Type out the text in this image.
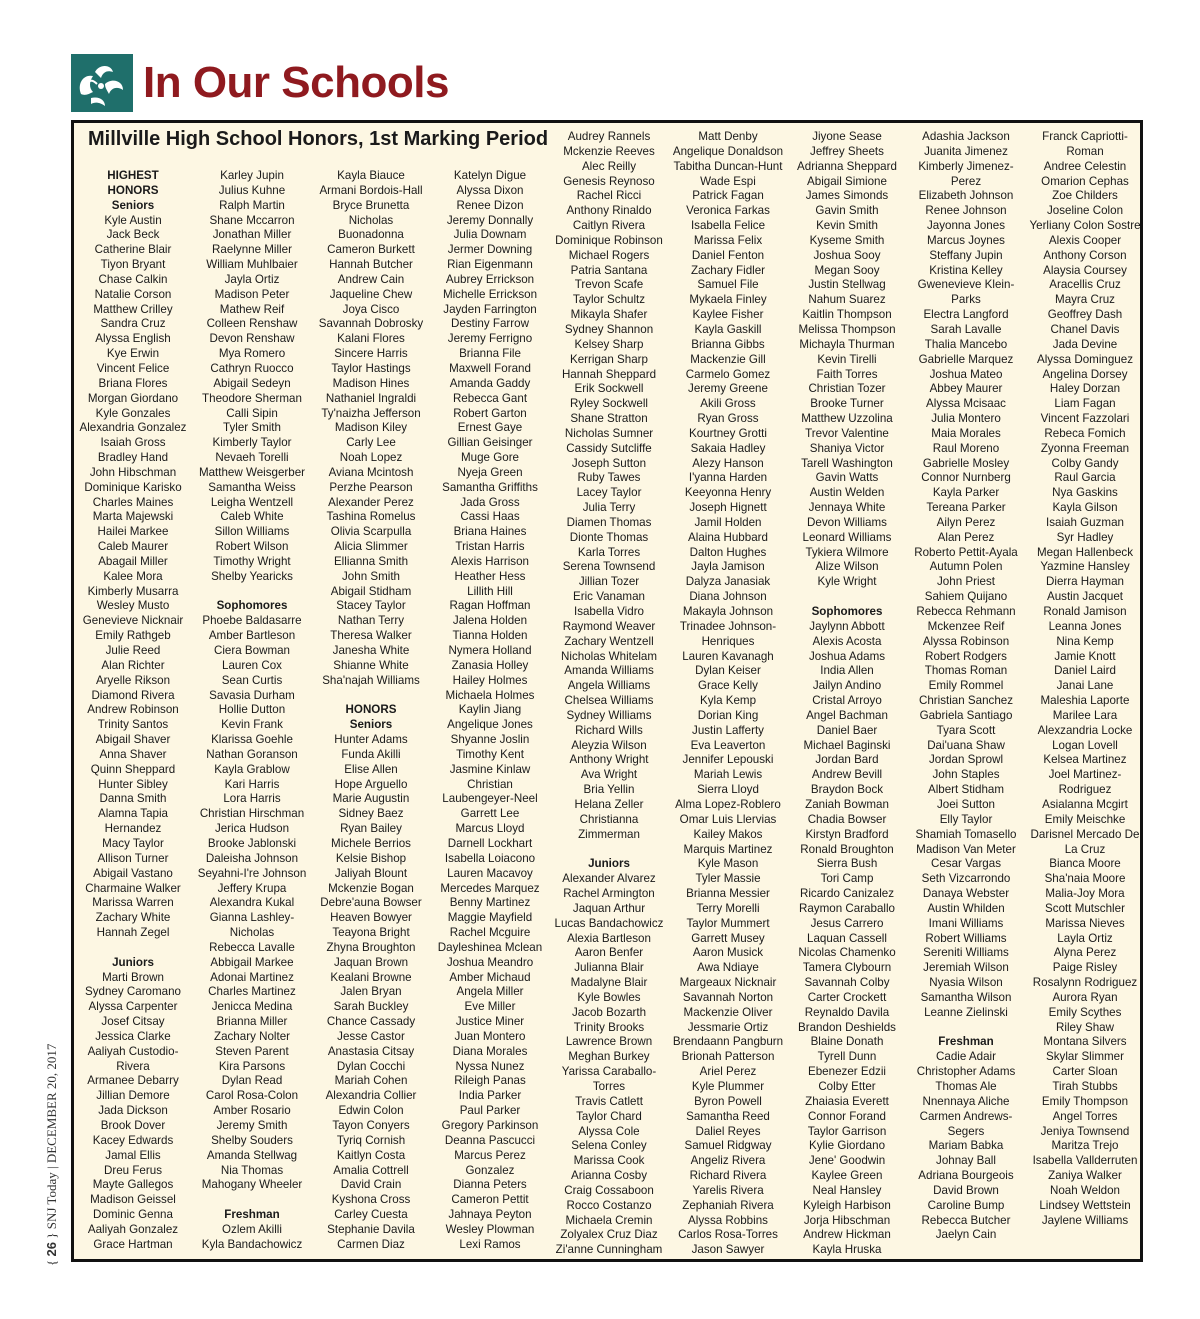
In Our Schools
Millville High School Honors, 1st Marking Period
HIGHEST
HONORS
Seniors
Kyle Austin
Jack Beck
Catherine Blair
Tiyon Bryant
Chase Calkin
Natalie Corson
Matthew Crilley
Sandra Cruz
Alyssa English
Kye Erwin
Vincent Felice
Briana Flores
Morgan Giordano
Kyle Gonzales
Alexandria Gonzalez
Isaiah Gross
Bradley Hand
John Hibschman
Dominique Karisko
Charles Maines
Marta Majewski
Hailei Markee
Caleb Maurer
Abagail Miller
Kalee Mora
Kimberly Musarra
Wesley Musto
Genevieve Nicknair
Emily Rathgeb
Julie Reed
Alan Richter
Aryelle Rikson
Diamond Rivera
Andrew Robinson
Trinity Santos
Abigail Shaver
Anna Shaver
Quinn Sheppard
Hunter Sibley
Danna Smith
Alamna Tapia
Hernandez
Macy Taylor
Allison Turner
Abigail Vastano
Charmaine Walker
Marissa Warren
Zachary White
Hannah Zegel
Juniors
Marti Brown
Sydney Caromano
Alyssa Carpenter
Josef Citsay
Jessica Clarke
Aaliyah Custodio-
Rivera
Armanee Debarry
Jillian Demore
Jada Dickson
Brook Dover
Kacey Edwards
Jamal Ellis
Dreu Ferus
Mayte Gallegos
Madison Geissel
Dominic Genna
Aaliyah Gonzalez
Grace Hartman
Karley Jupin
Julius Kuhne
Ralph Martin
Shane Mccarron
Jonathan Miller
Raelynne Miller
William Muhlbaier
Jayla Ortiz
Madison Peter
Mathew Reif
Colleen Renshaw
Devon Renshaw
Mya Romero
Cathryn Ruocco
Abigail Sedeyn
Theodore Sherman
Calli Sipin
Tyler Smith
Kimberly Taylor
Nevaeh Torelli
Matthew Weisgerber
Samantha Weiss
Leigha Wentzell
Caleb White
Sillon Williams
Robert Wilson
Timothy Wright
Shelby Yearicks
Sophomores
Phoebe Baldasarre
Amber Bartleson
Ciera Bowman
Lauren Cox
Sean Curtis
Savasia Durham
Hollie Dutton
Kevin Frank
Klarissa Goehle
Nathan Goranson
Kayla Grablow
Kari Harris
Lora Harris
Christian Hirschman
Jerica Hudson
Brooke Jablonski
Daleisha Johnson
Seyahni-I're Johnson
Jeffery Krupa
Alexandra Kukal
Gianna Lashley-
Nicholas
Rebecca Lavalle
Abbigail Markee
Adonai Martinez
Charles Martinez
Jenicca Medina
Brianna Miller
Zachary Nolter
Steven Parent
Kira Parsons
Dylan Read
Carol Rosa-Colon
Amber Rosario
Jeremy Smith
Shelby Souders
Amanda Stellwag
Nia Thomas
Mahogany Wheeler
Freshman
Ozlem Akilli
Kyla Bandachowicz
Kayla Biauce
Armani Bordois-Hall
Bryce Brunetta
Nicholas
Buonadonna
Cameron Burkett
Hannah Butcher
Andrew Cain
Jaqueline Chew
Joya Cisco
Savannah Dobrosky
Kalani Flores
Sincere Harris
Taylor Hastings
Madison Hines
Nathaniel Ingraldi
Ty'naizha Jefferson
Madison Kiley
Carly Lee
Noah Lopez
Aviana Mcintosh
Perzhe Pearson
Alexander Perez
Tashina Romelus
Olivia Scarpulla
Alicia Slimmer
Ellianna Smith
John Smith
Abigail Stidham
Stacey Taylor
Nathan Terry
Theresa Walker
Janesha White
Shianne White
Sha'najah Williams
HONORS
Seniors
Hunter Adams
Funda Akilli
Elise Allen
Hope Arguello
Marie Augustin
Sidney Baez
Ryan Bailey
Michele Berrios
Kelsie Bishop
Jaliyah Blount
Mckenzie Bogan
Debre'auna Bowser
Heaven Bowyer
Teayona Bright
Zhyna Broughton
Jaquan Brown
Kealani Browne
Jalen Bryan
Sarah Buckley
Chance Cassady
Jesse Castor
Anastasia Citsay
Dylan Cocchi
Mariah Cohen
Alexandria Collier
Edwin Colon
Tayon Conyers
Tyriq Cornish
Kaitlyn Costa
Amalia Cottrell
David Crain
Kyshona Cross
Carley Cuesta
Stephanie Davila
Carmen Diaz
Katelyn Digue
Alyssa Dixon
Renee Dizon
Jeremy Donnally
Julia Downam
Jermer Downing
Rian Eigenmann
Aubrey Errickson
Michelle Errickson
Jayden Farrington
Destiny Farrow
Jeremy Ferrigno
Brianna File
Maxwell Forand
Amanda Gaddy
Rebecca Gant
Robert Garton
Ernest Gaye
Gillian Geisinger
Muge Gore
Nyeja Green
Samantha Griffiths
Jada Gross
Cassi Haas
Briana Haines
Tristan Harris
Alexis Harrison
Heather Hess
Lillith Hill
Ragan Hoffman
Jalena Holden
Tianna Holden
Nymera Holland
Zanasia Holley
Hailey Holmes
Michaela Holmes
Kaylin Jiang
Angelique Jones
Shyanne Joslin
Timothy Kent
Jasmine Kinlaw
Christian
Laubengeyer-Neel
Garrett Lee
Marcus Lloyd
Darnell Lockhart
Isabella Loiacono
Lauren Macavoy
Mercedes Marquez
Benny Martinez
Maggie Mayfield
Rachel Mcguire
Dayleshinea Mclean
Joshua Meandro
Amber Michaud
Angela Miller
Eve Miller
Justice Miner
Juan Montero
Diana Morales
Nyssa Nunez
Rileigh Panas
India Parker
Paul Parker
Gregory Parkinson
Deanna Pascucci
Marcus Perez
Gonzalez
Dianna Peters
Cameron Pettit
Jahnaya Peyton
Wesley Plowman
Lexi Ramos
Audrey Rannels
Mckenzie Reeves
Alec Reilly
Genesis Reynoso
Rachel Ricci
Anthony Rinaldo
Caitlyn Rivera
Dominique Robinson
Michael Rogers
Patria Santana
Trevon Scafe
Taylor Schultz
Mikayla Shafer
Sydney Shannon
Kelsey Sharp
Kerrigan Sharp
Hannah Sheppard
Erik Sockwell
Ryley Sockwell
Shane Stratton
Nicholas Sumner
Cassidy Sutcliffe
Joseph Sutton
Ruby Tawes
Lacey Taylor
Julia Terry
Diamen Thomas
Dionte Thomas
Karla Torres
Serena Townsend
Jillian Tozer
Eric Vanaman
Isabella Vidro
Raymond Weaver
Zachary Wentzell
Nicholas Whitelam
Amanda Williams
Angela Williams
Chelsea Williams
Sydney Williams
Richard Wills
Aleyzia Wilson
Anthony Wright
Ava Wright
Bria Yellin
Helana Zeller
Christianna
Zimmerman
Juniors
Alexander Alvarez
Rachel Armington
Jaquan Arthur
Lucas Bandachowicz
Alexia Bartleson
Aaron Benfer
Julianna Blair
Madalyne Blair
Kyle Bowles
Jacob Bozarth
Trinity Brooks
Lawrence Brown
Meghan Burkey
Yarissa Caraballo-
Torres
Travis Catlett
Taylor Chard
Alyssa Cole
Selena Conley
Marissa Cook
Arianna Cosby
Craig Cossaboon
Rocco Costanzo
Michaela Cremin
Zolyalex Cruz Diaz
Zi'anne Cunningham
Matt Denby
Angelique Donaldson
Tabitha Duncan-Hunt
Wade Espi
Patrick Fagan
Veronica Farkas
Isabella Felice
Marissa Felix
Daniel Fenton
Zachary Fidler
Samuel File
Mykaela Finley
Kaylee Fisher
Kayla Gaskill
Brianna Gibbs
Mackenzie Gill
Carmelo Gomez
Jeremy Greene
Akili Gross
Ryan Gross
Kourtney Grotti
Sakaia Hadley
Alezy Hanson
I'yanna Harden
Keeyonna Henry
Joseph Hignett
Jamil Holden
Alaina Hubbard
Dalton Hughes
Jayla Jamison
Dalyza Janasiak
Diana Johnson
Makayla Johnson
Trinadee Johnson-
Henriques
Lauren Kavanagh
Dylan Keiser
Grace Kelly
Kyla Kemp
Dorian King
Justin Lafferty
Eva Leaverton
Jennifer Lepouski
Mariah Lewis
Sierra Lloyd
Alma Lopez-Roblero
Omar Luis Llervias
Kailey Makos
Marquis Martinez
Kyle Mason
Tyler Massie
Brianna Messier
Terry Morelli
Taylor Mummert
Garrett Musey
Aaron Musick
Awa Ndiaye
Margeaux Nicknair
Savannah Norton
Mackenzie Oliver
Jessmarie Ortiz
Brendaann Pangburn
Brionah Patterson
Ariel Perez
Kyle Plummer
Byron Powell
Samantha Reed
Daliel Reyes
Samuel Ridgway
Angeliz Rivera
Richard Rivera
Yarelis Rivera
Zephaniah Rivera
Alyssa Robbins
Carlos Rosa-Torres
Jason Sawyer
Jiyone Sease
Jeffrey Sheets
Adrianna Sheppard
Abigail Simione
James Simonds
Gavin Smith
Kevin Smith
Kyseme Smith
Joshua Sooy
Megan Sooy
Justin Stellwag
Nahum Suarez
Kaitlin Thompson
Melissa Thompson
Michayla Thurman
Kevin Tirelli
Faith Torres
Christian Tozer
Brooke Turner
Matthew Uzzolina
Trevor Valentine
Shaniya Victor
Tarell Washington
Gavin Watts
Austin Welden
Jennaya White
Devon Williams
Leonard Williams
Tykiera Wilmore
Alize Wilson
Kyle Wright
Sophomores
Jaylynn Abbott
Alexis Acosta
Joshua Adams
India Allen
Jailyn Andino
Cristal Arroyo
Angel Bachman
Daniel Baer
Michael Baginski
Jordan Bard
Andrew Bevill
Braydon Bock
Zaniah Bowman
Chadia Bowser
Kirstyn Bradford
Ronald Broughton
Sierra Bush
Tori Camp
Ricardo Canizalez
Raymon Caraballo
Jesus Carrero
Laquan Cassell
Nicolas Chamenko
Tamera Clybourn
Savannah Colby
Carter Crockett
Reynaldo Davila
Brandon Deshields
Blaine Donath
Tyrell Dunn
Ebenezer Edzii
Colby Etter
Zhaiasia Everett
Connor Forand
Taylor Garrison
Kylie Giordano
Jene' Goodwin
Kaylee Green
Neal Hansley
Kyleigh Harbison
Jorja Hibschman
Andrew Hickman
Kayla Hruska
Adashia Jackson
Juanita Jimenez
Kimberly Jimenez-
Perez
Elizabeth Johnson
Renee Johnson
Jayonna Jones
Marcus Joynes
Steffany Jupin
Kristina Kelley
Gwenevieve Klein-
Parks
Electra Langford
Sarah Lavalle
Thalia Mancebo
Gabrielle Marquez
Joshua Mateo
Abbey Maurer
Alyssa Mcisaac
Julia Montero
Maia Morales
Raul Moreno
Gabrielle Mosley
Connor Nurnberg
Kayla Parker
Tereana Parker
Ailyn Perez
Alan Perez
Roberto Pettit-Ayala
Autumn Polen
John Priest
Sahiem Quijano
Rebecca Rehmann
Mckenzee Reif
Alyssa Robinson
Robert Rodgers
Thomas Roman
Emily Rommel
Christian Sanchez
Gabriela Santiago
Tyara Scott
Dai'uana Shaw
Jordan Sprowl
John Staples
Albert Stidham
Joei Sutton
Elly Taylor
Shamiah Tomasello
Madison Van Meter
Cesar Vargas
Seth Vizcarrondo
Danaya Webster
Austin Whilden
Imani Williams
Robert Williams
Sereniti Williams
Jeremiah Wilson
Nyasia Wilson
Samantha Wilson
Leanne Zielinski
Freshman
Cadie Adair
Christopher Adams
Thomas Ale
Nnennaya Aliche
Carmen Andrews-
Segers
Mariam Babka
Johnay Ball
Adriana Bourgeois
David Brown
Caroline Bump
Rebecca Butcher
Jaelyn Cain
Franck Capriotti-
Roman
Andree Celestin
Omarion Cephas
Zoe Childers
Joseline Colon
Yerliany Colon Sostre
Alexis Cooper
Anthony Corson
Alaysia Coursey
Aracellis Cruz
Mayra Cruz
Geoffrey Dash
Chanel Davis
Jada Devine
Alyssa Dominguez
Angelina Dorsey
Haley Dorzan
Liam Fagan
Vincent Fazzolari
Rebeca Fomich
Zyonna Freeman
Colby Gandy
Raul Garcia
Nya Gaskins
Kayla Gilson
Isaiah Guzman
Syr Hadley
Megan Hallenbeck
Yazmine Hansley
Dierra Hayman
Austin Jacquet
Ronald Jamison
Leanna Jones
Nina Kemp
Jamie Knott
Daniel Laird
Janai Lane
Maleshia Laporte
Marilee Lara
Alexzandria Locke
Logan Lovell
Kelsea Martinez
Joel Martinez-
Rodriguez
Asialanna Mcgirt
Emily Meischke
Darisnel Mercado De
La Cruz
Bianca Moore
Sha'naia Moore
Malia-Joy Mora
Scott Mutschler
Marissa Nieves
Layla Ortiz
Alyna Perez
Paige Risley
Rosalynn Rodriguez
Aurora Ryan
Emily Scythes
Riley Shaw
Montana Silvers
Skylar Slimmer
Carter Sloan
Tirah Stubbs
Emily Thompson
Angel Torres
Jeniya Townsend
Maritza Trejo
Isabella Vallderruten
Zaniya Walker
Noah Weldon
Lindsey Wettstein
Jaylene Williams
{ 26 } SNJ Today | DECEMBER 20, 2017
